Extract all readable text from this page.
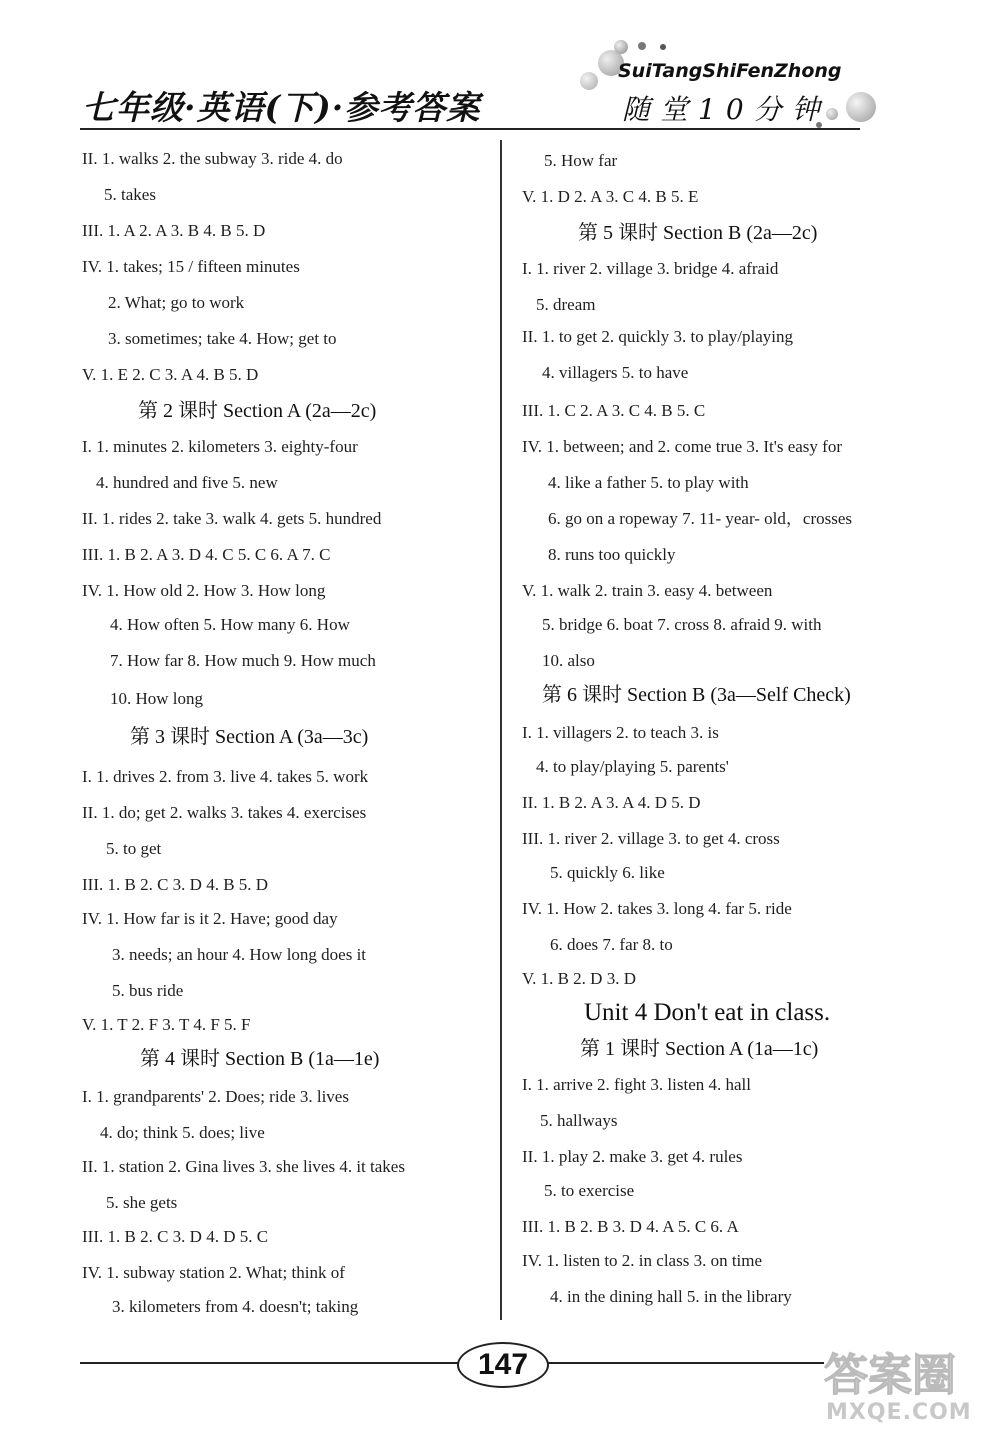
七年级·英语(下)·参考答案
SuiTangShiFenZhong
随堂10分钟
II. 1. walks 2. the subway 3. ride 4. do
5. takes
III. 1. A 2. A 3. B 4. B 5. D
IV. 1. takes; 15 / fifteen minutes
2. What; go to work
3. sometimes; take 4. How; get to
V. 1. E 2. C 3. A 4. B 5. D
第 2 课时 Section A (2a—2c)
I. 1. minutes 2. kilometers 3. eighty-four
4. hundred and five 5. new
II. 1. rides 2. take 3. walk 4. gets 5. hundred
III. 1. B 2. A 3. D 4. C 5. C 6. A 7. C
IV. 1. How old 2. How 3. How long
4. How often 5. How many 6. How
7. How far 8. How much 9. How much
10. How long
第 3 课时 Section A (3a—3c)
I. 1. drives 2. from 3. live 4. takes 5. work
II. 1. do; get 2. walks 3. takes 4. exercises
5. to get
III. 1. B 2. C 3. D 4. B 5. D
IV. 1. How far is it 2. Have; good day
3. needs; an hour 4. How long does it
5. bus ride
V. 1. T 2. F 3. T 4. F 5. F
第 4 课时 Section B (1a—1e)
I. 1. grandparents' 2. Does; ride 3. lives
4. do; think 5. does; live
II. 1. station 2. Gina lives 3. she lives 4. it takes
5. she gets
III. 1. B 2. C 3. D 4. D 5. C
IV. 1. subway station 2. What; think of
3. kilometers from 4. doesn't; taking
5. How far
V. 1. D 2. A 3. C 4. B 5. E
第 5 课时 Section B (2a—2c)
I. 1. river 2. village 3. bridge 4. afraid
5. dream
II. 1. to get 2. quickly 3. to play/playing
4. villagers 5. to have
III. 1. C 2. A 3. C 4. B 5. C
IV. 1. between; and 2. come true 3. It's easy for
4. like a father 5. to play with
6. go on a ropeway 7. 11- year- old，crosses
8. runs too quickly
V. 1. walk 2. train 3. easy 4. between
5. bridge 6. boat 7. cross 8. afraid 9. with
10. also
第 6 课时 Section B (3a—Self Check)
I. 1. villagers 2. to teach 3. is
4. to play/playing 5. parents'
II. 1. B 2. A 3. A 4. D 5. D
III. 1. river 2. village 3. to get 4. cross
5. quickly 6. like
IV. 1. How 2. takes 3. long 4. far 5. ride
6. does 7. far 8. to
V. 1. B 2. D 3. D
Unit 4 Don't eat in class.
第 1 课时 Section A (1a—1c)
I. 1. arrive 2. fight 3. listen 4. hall
5. hallways
II. 1. play 2. make 3. get 4. rules
5. to exercise
III. 1. B 2. B 3. D 4. A 5. C 6. A
IV. 1. listen to 2. in class 3. on time
4. in the dining hall 5. in the library
147	答案圈
MXQE.COM
